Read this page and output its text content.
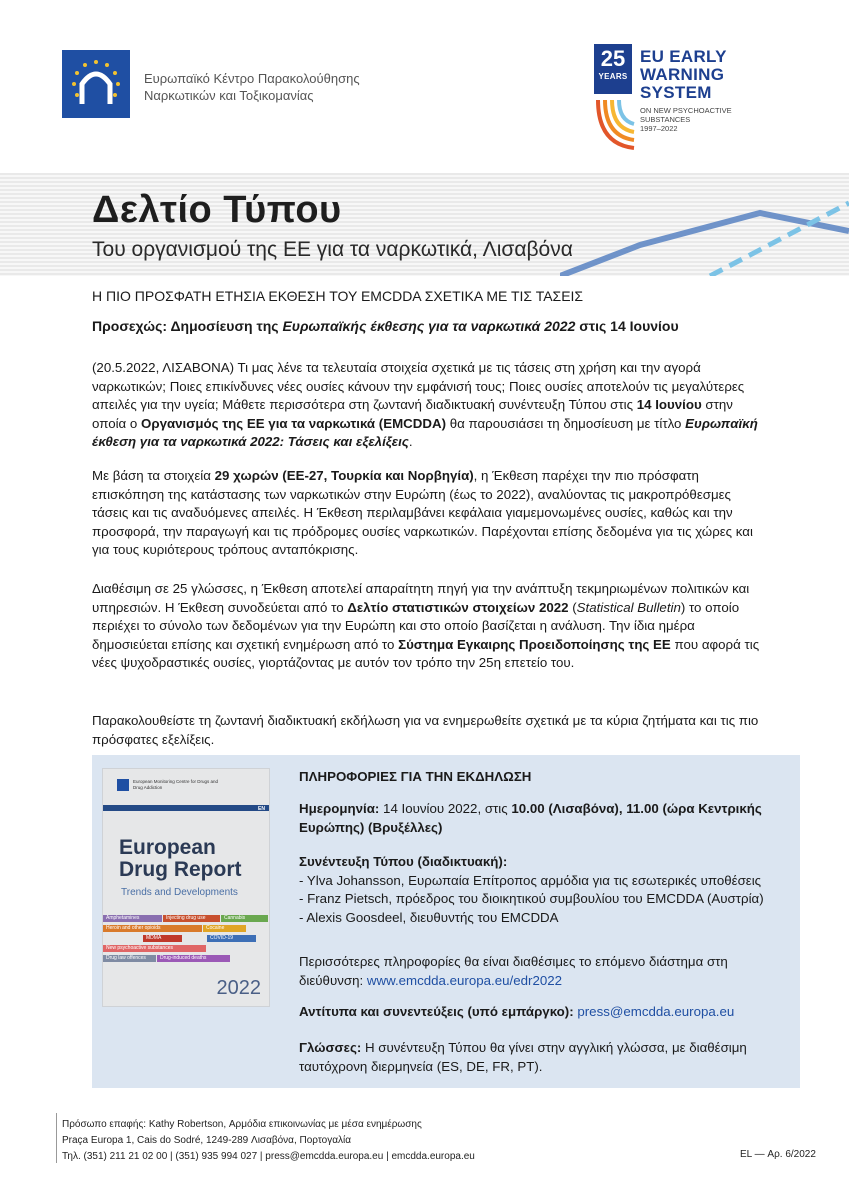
Ευρωπαϊκό Κέντρο Παρακολούθησης
Ναρκωτικών και Τοξικομανίας
25
YEARS
EU EARLY
WARNING
SYSTEM
ON NEW PSYCHOACTIVE
SUBSTANCES
1997–2022
Δελτίο Τύπου
Του οργανισμού της ΕΕ για τα ναρκωτικά, Λισαβόνα
Η ΠΙΟ ΠΡΟΣΦΑΤΗ ΕΤΗΣΙΑ ΕΚΘΕΣΗ ΤΟΥ EMCDDA ΣΧΕΤΙΚΑ ΜΕ ΤΙΣ ΤΑΣΕΙΣ
Προσεχώς: Δημοσίευση της Ευρωπαϊκής έκθεσης για τα ναρκωτικά 2022 στις 14 Ιουνίου
(20.5.2022, ΛΙΣΑΒΟΝΑ) Τι μας λένε τα τελευταία στοιχεία σχετικά με τις τάσεις στη χρήση και την αγορά ναρκωτικών; Ποιες επικίνδυνες νέες ουσίες κάνουν την εμφάνισή τους; Ποιες ουσίες αποτελούν τις μεγαλύτερες απειλές για την υγεία; Μάθετε περισσότερα στη ζωντανή διαδικτυακή συνέντευξη Τύπου στις 14 Ιουνίου στην οποία ο Οργανισμός της ΕΕ για τα ναρκωτικά (EMCDDA) θα παρουσιάσει τη δημοσίευση με τίτλο Ευρωπαϊκή έκθεση για τα ναρκωτικά 2022: Τάσεις και εξελίξεις.
Με βάση τα στοιχεία 29 χωρών (ΕΕ-27, Τουρκία και Νορβηγία), η Έκθεση παρέχει την πιο πρόσφατη επισκόπηση της κατάστασης των ναρκωτικών στην Ευρώπη (έως το 2022), αναλύοντας τις μακροπρόθεσμες τάσεις και τις αναδυόμενες απειλές. Η Έκθεση περιλαμβάνει κεφάλαια γιαμεμονωμένες ουσίες, καθώς και την προσφορά, την παραγωγή και τις πρόδρομες ουσίες ναρκωτικών. Παρέχονται επίσης δεδομένα για τις χώρες και για τους κυριότερους τρόπους ανταπόκρισης.
Διαθέσιμη σε 25 γλώσσες, η Έκθεση αποτελεί απαραίτητη πηγή για την ανάπτυξη τεκμηριωμένων πολιτικών και υπηρεσιών. Η Έκθεση συνοδεύεται από το Δελτίο στατιστικών στοιχείων 2022 (Statistical Bulletin) το οποίο περιέχει το σύνολο των δεδομένων για την Ευρώπη και στο οποίο βασίζεται η ανάλυση. Την ίδια ημέρα δημοσιεύεται επίσης και σχετική ενημέρωση από το Σύστημα Εγκαιρης Προειδοποίησης της ΕΕ που αφορά τις νέες ψυχοδραστικές ουσίες, γιορτάζοντας με αυτόν τον τρόπο την 25η επετείο του.
Παρακολουθείστε τη ζωντανή διαδικτυακή εκδήλωση για να ενημερωθείτε σχετικά με τα κύρια ζητήματα και τις πιο πρόσφατες εξελίξεις.
European Monitoring Centre for Drugs and Drug Addiction
EN
European
Drug Report
Trends and Developments
Amphetamines	Injecting drug use	Cannabis
Heroin and other opioids	Cocaine
MDMA
New psychoactive substances
COVID-19
Drug law offences	Drug-induced deaths
2022
ΠΛΗΡΟΦΟΡΙΕΣ ΓΙΑ ΤΗΝ ΕΚΔΗΛΩΣΗ
Ημερομηνία: 14 Ιουνίου 2022, στις 10.00 (Λισαβόνα), 11.00 (ώρα Κεντρικής Ευρώπης) (Βρυξέλλες)
Συνέντευξη Τύπου (διαδικτυακή):
- Ylva Johansson, Ευρωπαία Επίτροπος αρμόδια για τις εσωτερικές υποθέσεις
- Franz Pietsch, πρόεδρος του διοικητικού συμβουλίου του EMCDDA (Αυστρία)
- Alexis Goosdeel, διευθυντής του EMCDDA
Περισσότερες πληροφορίες θα είναι διαθέσιμες το επόμενο διάστημα στη διεύθυνση: www.emcdda.europa.eu/edr2022
Αντίτυπα και συνεντεύξεις (υπό εμπάργκο): press@emcdda.europa.eu
Γλώσσες: Η συνέντευξη Τύπου θα γίνει στην αγγλική γλώσσα, με διαθέσιμη ταυτόχρονη διερμηνεία (ES, DE, FR, PT).
Πρόσωπο επαφής: Kathy Robertson, Αρμόδια επικοινωνίας με μέσα ενημέρωσης
Praça Europa 1, Cais do Sodré, 1249-289 Λισαβόνα, Πορτογαλία
Τηλ. (351) 211 21 02 00 | (351) 935 994 027 | press@emcdda.europa.eu | emcdda.europa.eu	EL — Αρ. 6/2022
